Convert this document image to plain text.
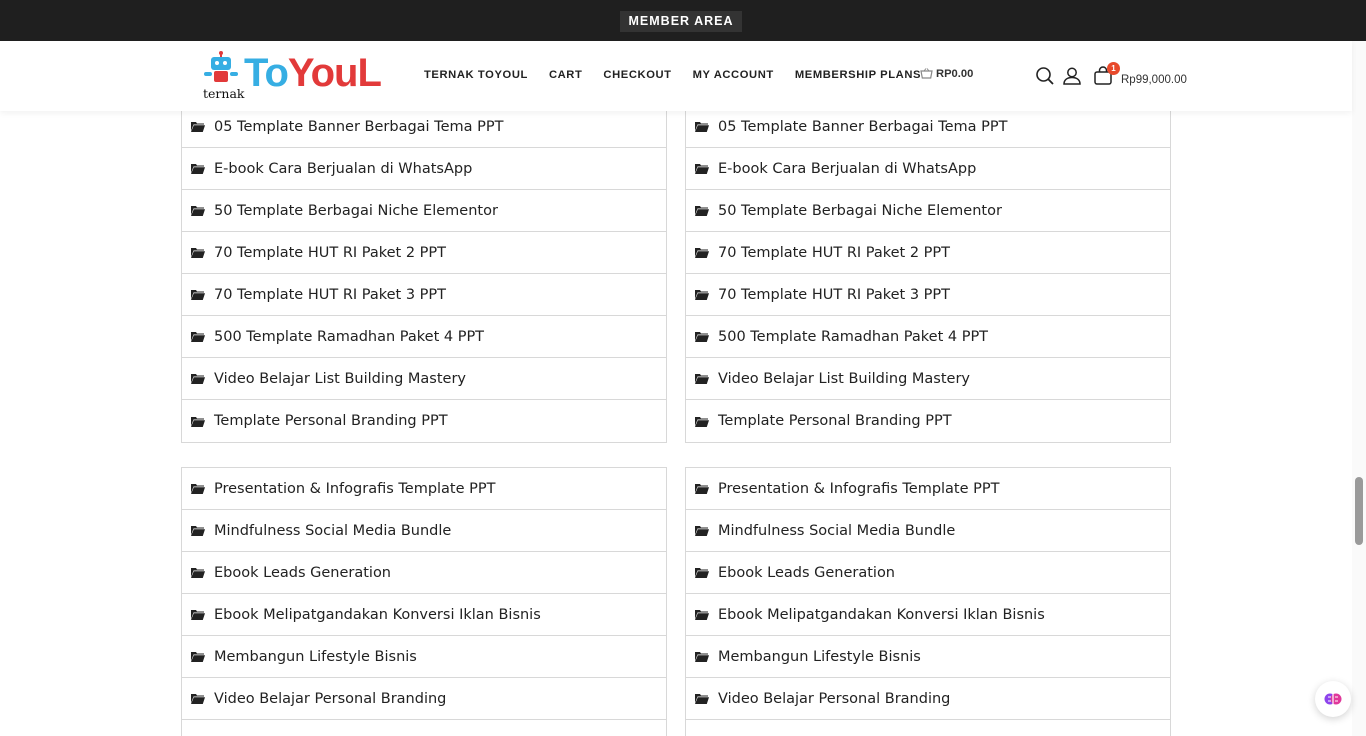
05 Template Banner Berbagai Tema PPT
E-book Cara Berjualan di WhatsApp
50 Template Berbagai Niche Elementor
70 Template HUT RI Paket 2 PPT
70 Template HUT RI Paket 3 PPT
500 Template Ramadhan Paket 4 PPT
Video Belajar List Building Mastery
Template Personal Branding PPT
05 Template Banner Berbagai Tema PPT
E-book Cara Berjualan di WhatsApp
50 Template Berbagai Niche Elementor
70 Template HUT RI Paket 2 PPT
70 Template HUT RI Paket 3 PPT
500 Template Ramadhan Paket 4 PPT
Video Belajar List Building Mastery
Template Personal Branding PPT
Presentation & Infografis Template PPT
Mindfulness Social Media Bundle
Ebook Leads Generation
Ebook Melipatgandakan Konversi Iklan Bisnis
Membangun Lifestyle Bisnis
Video Belajar Personal Branding
Presentation & Infografis Template PPT
Mindfulness Social Media Bundle
Ebook Leads Generation
Ebook Melipatgandakan Konversi Iklan Bisnis
Membangun Lifestyle Bisnis
Video Belajar Personal Branding
MEMBER AREA
ternak ToYouL	TERNAK TOYOUL CART CHECKOUT MY ACCOUNT MEMBERSHIP PLANS	RP0.00	1
Rp99,000.00
